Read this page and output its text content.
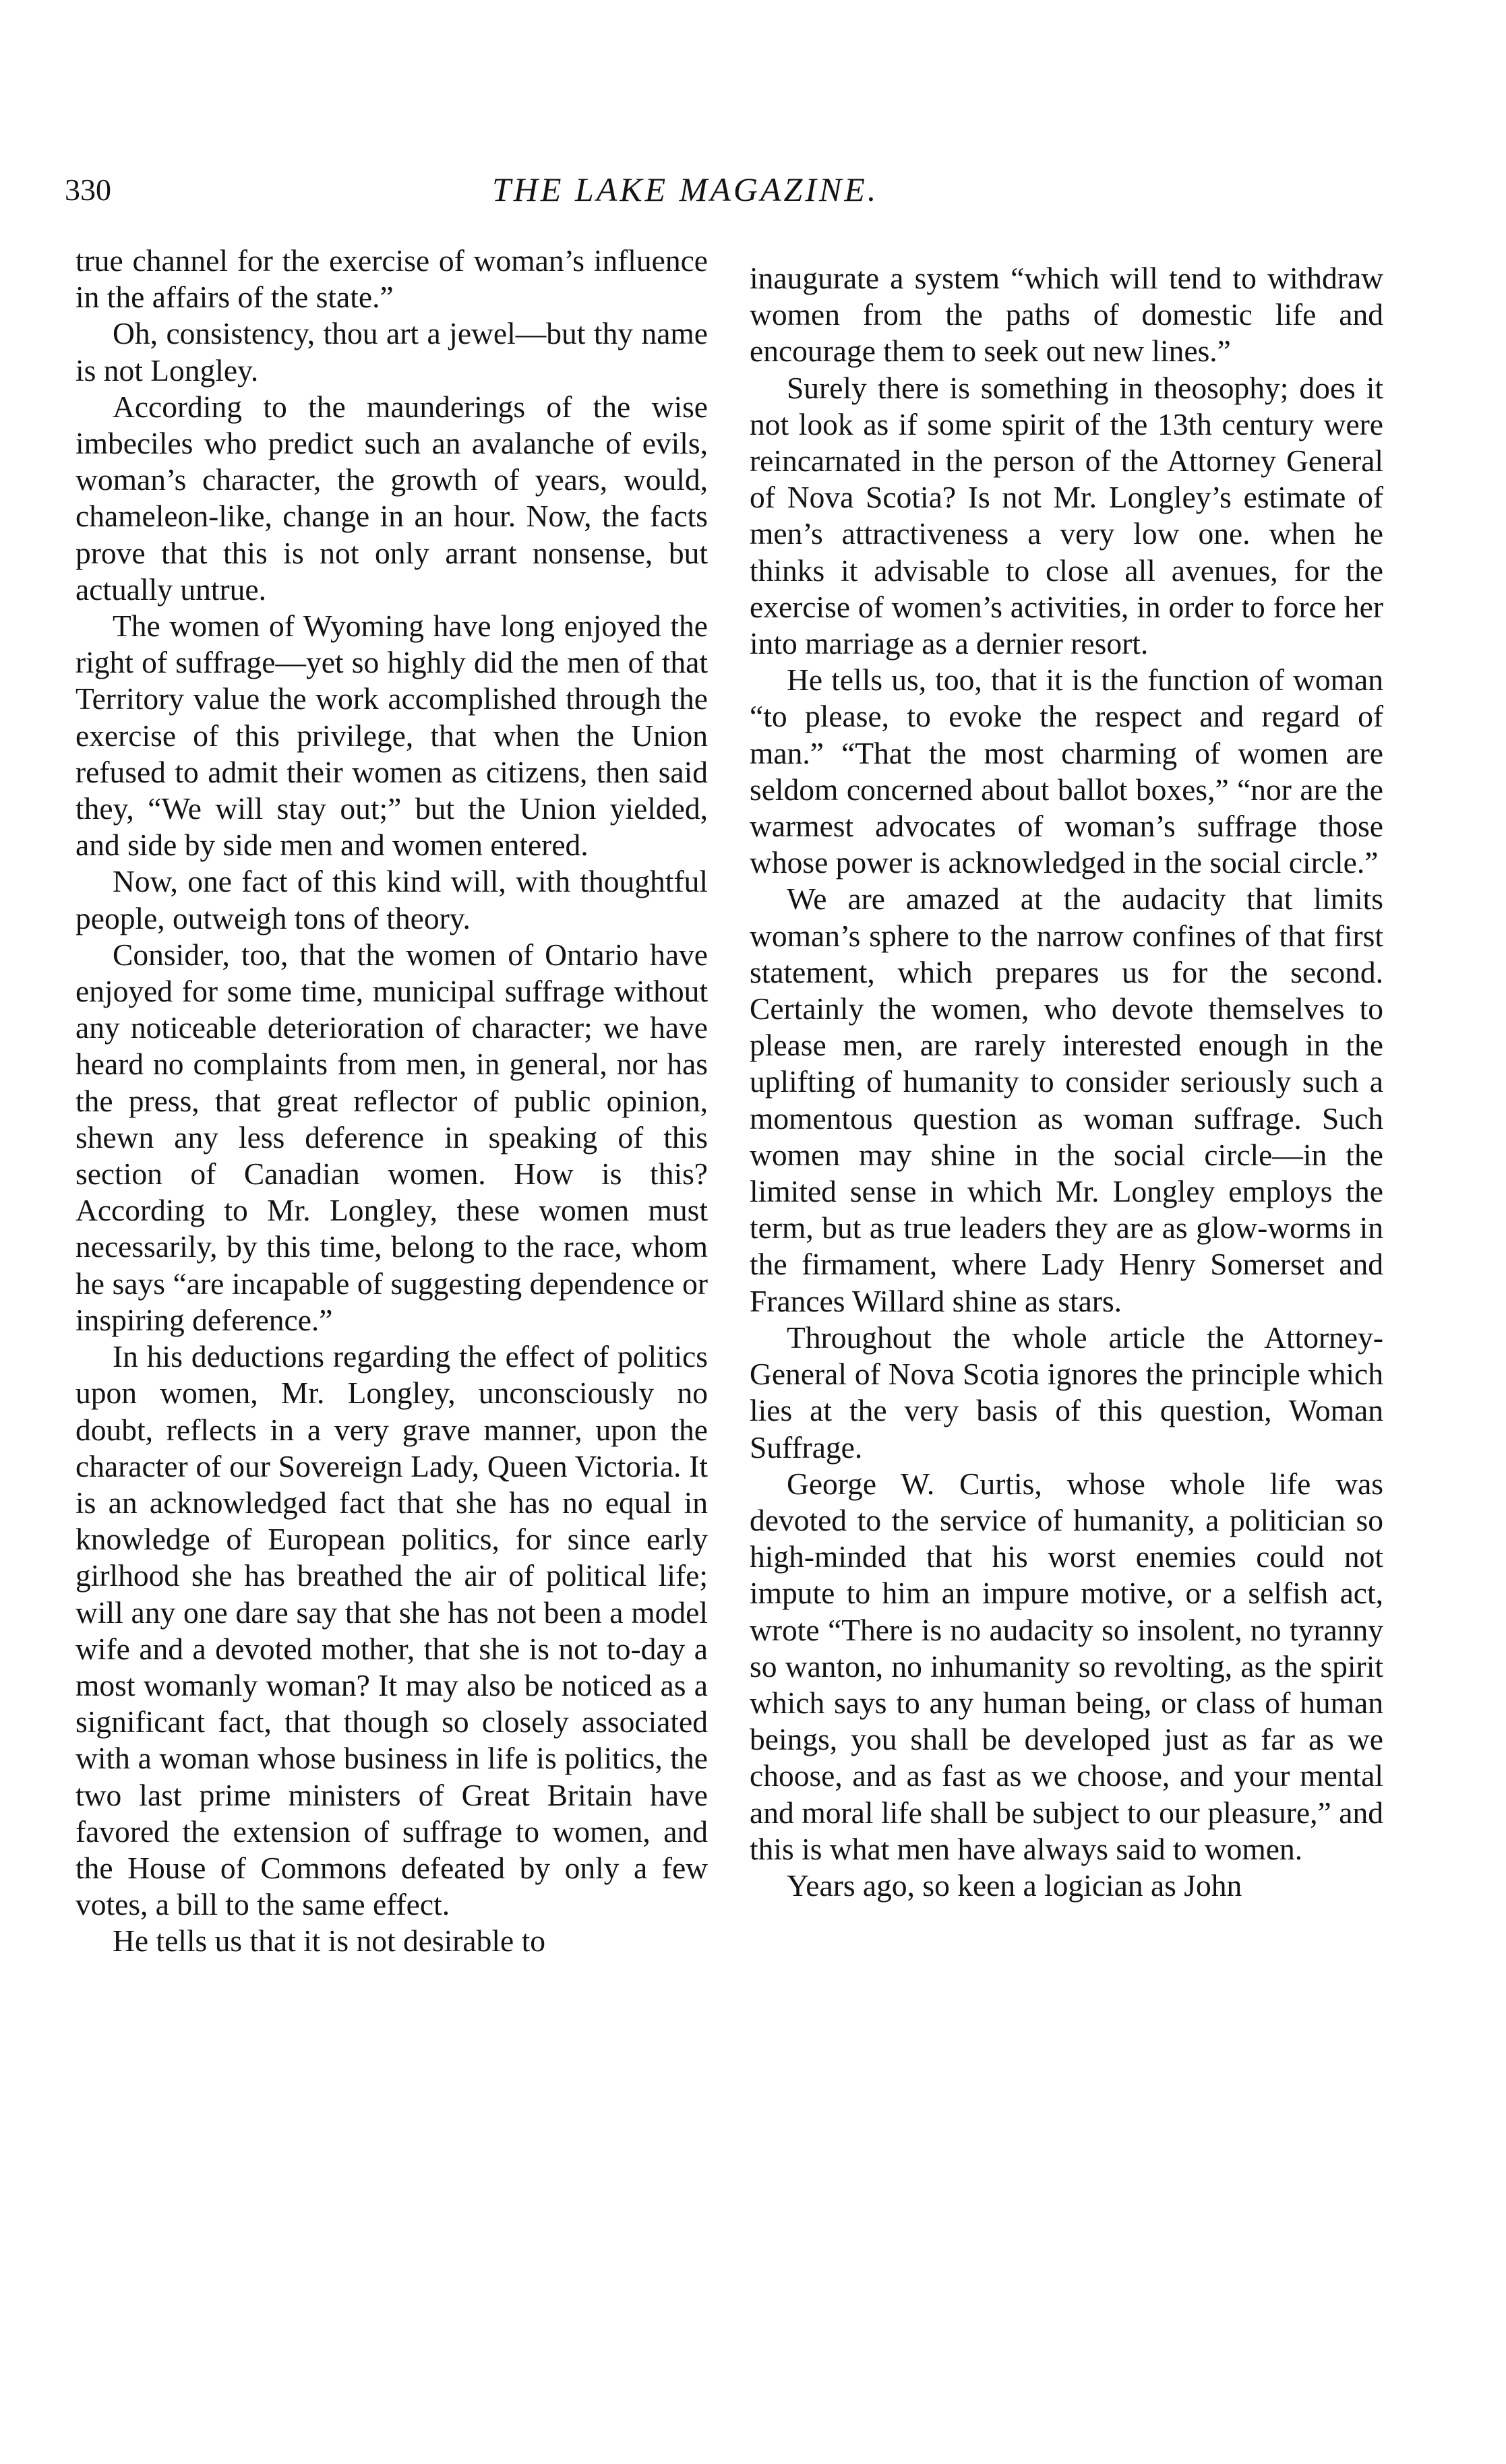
330	THE LAKE MAGAZINE.

true channel for the exercise of woman’s influence in the affairs of the state.”

Oh, consistency, thou art a jewel—but thy name is not Longley.

According to the maunderings of the wise imbeciles who predict such an avalanche of evils, woman’s character, the growth of years, would, chameleon-like, change in an hour. Now, the facts prove that this is not only arrant nonsense, but actually untrue.

The women of Wyoming have long enjoyed the right of suffrage—yet so highly did the men of that Territory value the work accomplished through the exercise of this privilege, that when the Union refused to admit their women as citizens, then said they, “We will stay out;” but the Union yielded, and side by side men and women entered.

Now, one fact of this kind will, with thoughtful people, outweigh tons of theory.

Consider, too, that the women of Ontario have enjoyed for some time, municipal suffrage without any noticeable deterioration of character; we have heard no complaints from men, in general, nor has the press, that great reflector of public opinion, shewn any less deference in speaking of this section of Canadian women. How is this? According to Mr. Longley, these women must necessarily, by this time, belong to the race, whom he says “are incapable of suggesting dependence or inspiring deference.”

In his deductions regarding the effect of politics upon women, Mr. Longley, unconsciously no doubt, reflects in a very grave manner, upon the character of our Sovereign Lady, Queen Victoria. It is an acknowledged fact that she has no equal in knowledge of European politics, for since early girlhood she has breathed the air of political life; will any one dare say that she has not been a model wife and a devoted mother, that she is not to-day a most womanly woman? It may also be noticed as a significant fact, that though so closely associated with a woman whose business in life is politics, the two last prime ministers of Great Britain have favored the extension of suffrage to women, and the House of Commons defeated by only a few votes, a bill to the same effect.

He tells us that it is not desirable to

inaugurate a system “which will tend to withdraw women from the paths of domestic life and encourage them to seek out new lines.”

Surely there is something in theosophy; does it not look as if some spirit of the 13th century were reincarnated in the person of the Attorney General of Nova Scotia? Is not Mr. Longley’s estimate of men’s attractiveness a very low one. when he thinks it advisable to close all avenues, for the exercise of women’s activities, in order to force her into marriage as a dernier resort.

He tells us, too, that it is the function of woman “to please, to evoke the respect and regard of man.” “That the most charming of women are seldom concerned about ballot boxes,” “nor are the warmest advocates of woman’s suffrage those whose power is acknowledged in the social circle.”

We are amazed at the audacity that limits woman’s sphere to the narrow confines of that first statement, which prepares us for the second. Certainly the women, who devote themselves to please men, are rarely interested enough in the uplifting of humanity to consider seriously such a momentous question as woman suffrage. Such women may shine in the social circle—in the limited sense in which Mr. Longley employs the term, but as true leaders they are as glow-worms in the firmament, where Lady Henry Somerset and Frances Willard shine as stars.

Throughout the whole article the Attorney-General of Nova Scotia ignores the principle which lies at the very basis of this question, Woman Suffrage.

George W. Curtis, whose whole life was devoted to the service of humanity, a politician so high-minded that his worst enemies could not impute to him an impure motive, or a selfish act, wrote “There is no audacity so insolent, no tyranny so wanton, no inhumanity so revolting, as the spirit which says to any human being, or class of human beings, you shall be developed just as far as we choose, and as fast as we choose, and your mental and moral life shall be subject to our pleasure,” and this is what men have always said to women.

Years ago, so keen a logician as John
